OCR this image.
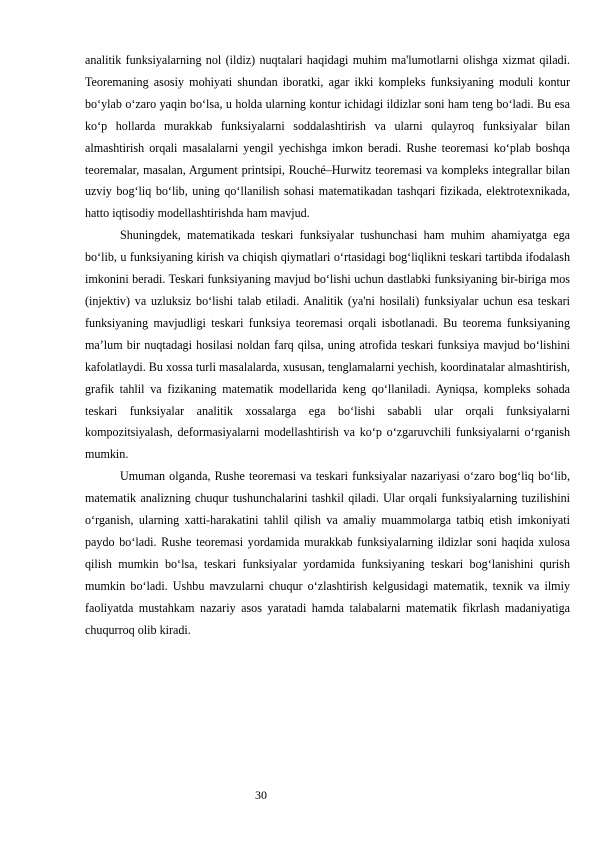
analitik funksiyalarning nol (ildiz) nuqtalari haqidagi muhim ma'lumotlarni olishga xizmat qiladi. Teoremaning asosiy mohiyati shundan iboratki, agar ikki kompleks funksiyaning moduli kontur bo‘ylab o‘zaro yaqin bo‘lsa, u holda ularning kontur ichidagi ildizlar soni ham teng bo‘ladi. Bu esa ko‘p hollarda murakkab funksiyalarni soddalashtirish va ularni qulayroq funksiyalar bilan almashtirish orqali masalalarni yengil yechishga imkon beradi. Rushe teoremasi ko‘plab boshqa teoremalar, masalan, Argument printsipi, Rouché–Hurwitz teoremasi va kompleks integrallar bilan uzviy bog‘liq bo‘lib, uning qo‘llanilish sohasi matematikadan tashqari fizikada, elektrotexnikada, hatto iqtisodiy modellashtirishda ham mavjud.

Shuningdek, matematikada teskari funksiyalar tushunchasi ham muhim ahamiyatga ega bo‘lib, u funksiyaning kirish va chiqish qiymatlari o‘rtasidagi bog‘liqlikni teskari tartibda ifodalash imkonini beradi. Teskari funksiyaning mavjud bo‘lishi uchun dastlabki funksiyaning bir-biriga mos (injektiv) va uzluksiz bo‘lishi talab etiladi. Analitik (ya'ni hosilali) funksiyalar uchun esa teskari funksiyaning mavjudligi teskari funksiya teoremasi orqali isbotlanadi. Bu teorema funksiyaning ma’lum bir nuqtadagi hosilasi noldan farq qilsa, uning atrofida teskari funksiya mavjud bo‘lishini kafolatlaydi. Bu xossa turli masalalarda, xususan, tenglamalarni yechish, koordinatalar almashtirish, grafik tahlil va fizikaning matematik modellarida keng qo‘llaniladi. Ayniqsa, kompleks sohada teskari funksiyalar analitik xossalarga ega bo‘lishi sababli ular orqali funksiyalarni kompozitsiyalash, deformasiyalarni modellashtirish va ko‘p o‘zgaruvchili funksiyalarni o‘rganish mumkin.

Umuman olganda, Rushe teoremasi va teskari funksiyalar nazariyasi o‘zaro bog‘liq bo‘lib, matematik analizning chuqur tushunchalarini tashkil qiladi. Ular orqali funksiyalarning tuzilishini o‘rganish, ularning xatti-harakatini tahlil qilish va amaliy muammolarga tatbiq etish imkoniyati paydo bo‘ladi. Rushe teoremasi yordamida murakkab funksiyalarning ildizlar soni haqida xulosa qilish mumkin bo‘lsa, teskari funksiyalar yordamida funksiyaning teskari bog‘lanishini qurish mumkin bo‘ladi. Ushbu mavzularni chuqur o‘zlashtirish kelgusidagi matematik, texnik va ilmiy faoliyatda mustahkam nazariy asos yaratadi hamda talabalarni matematik fikrlash madaniyatiga chuqurroq olib kiradi.

30
